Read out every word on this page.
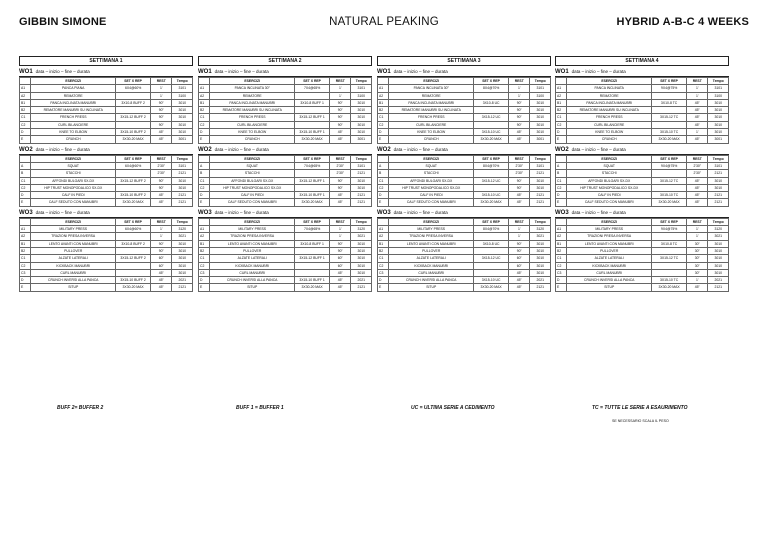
GIBBIN SIMONE	NATURAL PEAKING	HYBRID A-B-C 4 WEEKS
SETTIMANA 1
WO1 data – inizio – fine – durata
	ESERCIZI	SET X REP	REST	Tempo
A1	PANCA PIANA	6X4@60%	1'	3101
A2	REMATORE		1'	3100
B1	PANCA INCLINATA MANUBRI	3X10-8 BUFF 2	90"	3010
B2	REMATORE MANUBRI SU INCLINATA		90"	3010
C1	FRENCH PRESS	3X15-12 BUFF 2	90"	3010
C2	CURL BILANCIERE		90"	3010
D	KNEE TO ELBOW	3X15-10 BUFF 2	45"	3010
E	CRUNCH	3X30-20 MAX	45"	3001
WO2 data – inizio – fine – durata
	ESERCIZI	SET X REP	REST	Tempo
A	SQUAT	6X4@60%	2'30"	3101
B	STACCHI		2'30"	2121
C1	AFFONDI BULGARI SX-DX	3X15-12 BUFF 2	90"	3010
C2	HIP TRUST MONOPODALICO SX-DX		90"	3010
D	CALF IN PIEDI	3X15-10 BUFF 2	45"	2121
E	CALF SEDUTO CON MANUBRI	3X30-20 MAX	45"	2121
WO3 data – inizio – fine – durata
	ESERCIZI	SET X REP	REST	Tempo
A1	MILITARY PRESS	6X4@60%	1'	3120
A2	TRAZIONI PRESA INVERSA		1'	3021
B1	LENTO AVANTI CON MANUBRI	3X10-8 BUFF 2	90"	3010
B2	PULLOVER		90"	3010
C1	ALZATE LATERALI	3X15-12 BUFF 2	60"	3010
C2	KICKBACK MANUBRI		60"	3010
C3	CURL MANUBRI		45"	3010
D	CRUNCH INVERSI ALLA PANCA	3X15-10 BUFF 2	45"	2021
E	SITUP	3X30-20 MAX	45"	2121
SETTIMANA 2
WO1 data – inizio – fine – durata
	ESERCIZI	SET X REP	REST	Tempo
A1	PANCA INCLINATA 30°	7X4@65%	1'	3101
A2	REMATORE		1'	3100
B1	PANCA INCLINATA MANUBRI	3X10-8 BUFF 1	90"	3010
B2	REMATORE MANUBRI SU INCLINATA		90"	3010
C1	FRENCH PRESS	3X15-12 BUFF 1	90"	3010
C2	CURL BILANCIERE		90"	3010
D	KNEE TO ELBOW	3X15-10 BUFF 1	45"	3010
E	CRUNCH	3X30-20 MAX	45"	3001
WO2 data – inizio – fine – durata
	ESERCIZI	SET X REP	REST	Tempo
A	SQUAT	7X4@65%	2'30"	3101
B	STACCHI		2'30"	2121
C1	AFFONDI BULGARI SX-DX	3X15-12 BUFF 1	90"	3010
C2	HIP TRUST MONOPODALICO SX-DX		90"	3010
D	CALF IN PIEDI	3X15-10 BUFF 1	45"	2121
E	CALF SEDUTO CON MANUBRI	3X30-20 MAX	45"	2121
WO3 data – inizio – fine – durata
	ESERCIZI	SET X REP	REST	Tempo
A1	MILITARY PRESS	7X4@65%	1'	3120
A2	TRAZIONI PRESA INVERSA		1'	3021
B1	LENTO AVANTI CON MANUBRI	3X10-8 BUFF 1	90"	3010
B2	PULLOVER		90"	3010
C1	ALZATE LATERALI	3X15-12 BUFF 1	60"	3010
C2	KICKBACK MANUBRI		60"	3010
C3	CURL MANUBRI		45"	3010
D	CRUNCH INVERSI ALLA PANCA	3X15-10 BUFF 1	45"	2021
E	SITUP	3X30-20 MAX	45"	2121
SETTIMANA 3
WO1 data – inizio – fine – durata
	ESERCIZI	SET X REP	REST	Tempo
A1	PANCA INCLINATA 30°	8X4@70%	1'	3101
A2	REMATORE		1'	3100
B1	PANCA INCLINATA MANUBRI	3X10-8 UC	90"	3010
B2	REMATORE MANUBRI SU INCLINATA		90"	3010
C1	FRENCH PRESS	3X15-12 UC	90"	3010
C2	CURL BILANCIERE		90"	3010
D	KNEE TO ELBOW	3X15-10 UC	45"	3010
E	CRUNCH	3X30-20 MAX	45"	3001
WO2 data – inizio – fine – durata
	ESERCIZI	SET X REP	REST	Tempo
A	SQUAT	8X4@70%	2'30"	3101
B	STACCHI		2'30"	2121
C1	AFFONDI BULGARI SX-DX	3X15-12 UC	90"	3010
C2	HIP TRUST MONOPODALICO SX-DX		90"	3010
D	CALF IN PIEDI	3X15-10 UC	45"	2121
E	CALF SEDUTO CON MANUBRI	3X30-20 MAX	45"	2121
WO3 data – inizio – fine – durata
	ESERCIZI	SET X REP	REST	Tempo
A1	MILITARY PRESS	8X4@70%	1'	3120
A2	TRAZIONI PRESA INVERSA		1'	3021
B1	LENTO AVANTI CON MANUBRI	3X10-8 UC	90"	3010
B2	PULLOVER		90"	3010
C1	ALZATE LATERALI	3X15-12 UC	60"	3010
C2	KICKBACK MANUBRI		60"	3010
C3	CURL MANUBRI		45"	3010
D	CRUNCH INVERSI ALLA PANCA	3X15-10 UC	45"	2021
E	SITUP	3X30-20 MAX	45"	2121
SETTIMANA 4
WO1 data – inizio – fine – durata
	ESERCIZI	SET X REP	REST	Tempo
A1	PANCA INCLINATA	9X4@75%	1'	3101
A2	REMATORE		1'	3100
B1	PANCA INCLINATA MANUBRI	3X10-8 TC	45"	3010
B2	REMATORE MANUBRI SU INCLINATA		45"	3010
C1	FRENCH PRESS	3X15-12 TC	45"	3010
C2	CURL BILANCIERE		45"	3010
D	KNEE TO ELBOW	3X15-10 TC	1'	3010
E	CRUNCH	3X30-20 MAX	45"	3001
WO2 data – inizio – fine – durata
	ESERCIZI	SET X REP	REST	Tempo
A	SQUAT	9X4@75%	2'30"	3101
B	STACCHI		2'30"	2121
C1	AFFONDI BULGARI SX-DX	3X15-12 TC	45"	3010
C2	HIP TRUST MONOPODALICO SX-DX		45"	3010
D	CALF IN PIEDI	3X15-10 TC	45"	2121
E	CALF SEDUTO CON MANUBRI	3X30-20 MAX	45"	2121
WO3 data – inizio – fine – durata
	ESERCIZI	SET X REP	REST	Tempo
A1	MILITARY PRESS	9X4@75%	1'	3120
A2	TRAZIONI PRESA INVERSA		1'	3021
B1	LENTO AVANTI CON MANUBRI	3X10-8 TC	30"	3010
B2	PULLOVER		30"	3010
C1	ALZATE LATERALI	3X15-12 TC	30"	3010
C2	KICKBACK MANUBRI		30"	3010
C3	CURL MANUBRI		30"	3010
D	CRUNCH INVERSI ALLA PANCA	3X15-10 TC	1'	2021
E	SITUP	3X30-20 MAX	45"	2121
BUFF 2= BUFFER 2	BUFF 1 = BUFFER 1	UC = ULTIMA SERIE A CEDIMENTO	TC = TUTTE LE SERIE A ESAURIMENTO
SE NECESSARIO SCALA IL PESO
